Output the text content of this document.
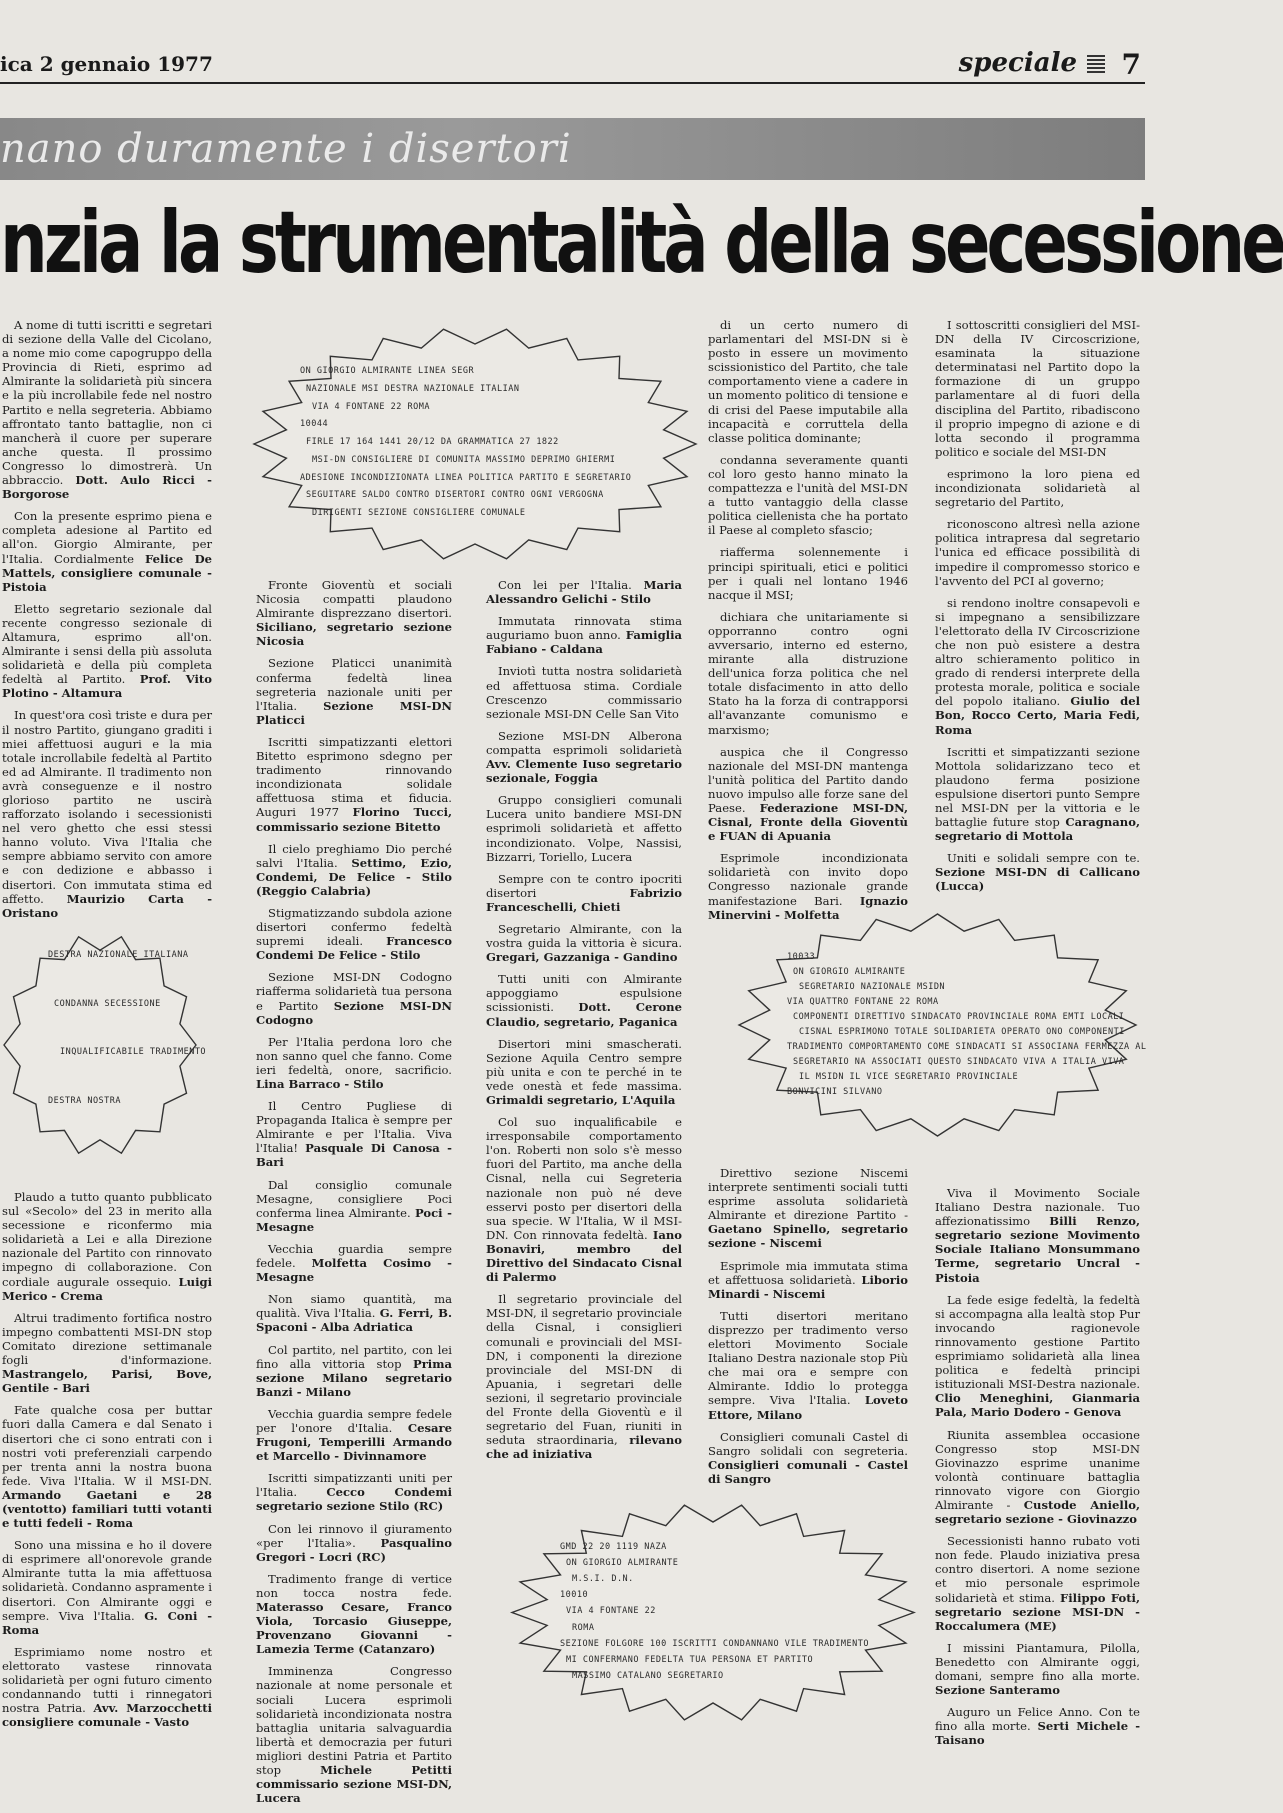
ica 2 gennaio 1977	speciale 7
nano duramente i disertori
nzia la strumentalità della secessione
ON GIORGIO ALMIRANTE LINEA SEGR
NAZIONALE MSI DESTRA NAZIONALE ITALIAN
VIA 4 FONTANE 22 ROMA
10044
FIRLE 17 164 1441 20/12 DA GRAMMATICA 27 1822
MSI-DN CONSIGLIERE DI COMUNITA MASSIMO DEPRIMO GHIERMI
ADESIONE INCONDIZIONATA LINEA POLITICA PARTITO E SEGRETARIO
SEGUITARE SALDO CONTRO DISERTORI CONTRO OGNI VERGOGNA
DIRIGENTI SEZIONE CONSIGLIERE COMUNALE
DESTRA NAZIONALE ITALIANA
CONDANNA SECESSIONE
INQUALIFICABILE TRADIMENTO
DESTRA NOSTRA
10033
ON GIORGIO ALMIRANTE
SEGRETARIO NAZIONALE MSIDN
VIA QUATTRO FONTANE 22 ROMA
COMPONENTI DIRETTIVO SINDACATO PROVINCIALE ROMA EMTI LOCALI
CISNAL ESPRIMONO TOTALE SOLIDARIETA OPERATO ONO COMPONENTI
TRADIMENTO COMPORTAMENTO COME SINDACATI SI ASSOCIANA FERMEZZA AL
SEGRETARIO NA ASSOCIATI QUESTO SINDACATO VIVA A ITALIA VIVA
IL MSIDN IL VICE SEGRETARIO PROVINCIALE
BONVICINI SILVANO
GMD 22 20 1119 NAZA
ON GIORGIO ALMIRANTE
M.S.I. D.N.
10010
VIA 4 FONTANE 22
ROMA
SEZIONE FOLGORE 100 ISCRITTI CONDANNANO VILE TRADIMENTO
MI CONFERMANO FEDELTA TUA PERSONA ET PARTITO
MASSIMO CATALANO SEGRETARIO

A nome di tutti iscritti e segretari di sezione della Valle del Cicolano, a nome mio come capogruppo della Provincia di Rieti, esprimo ad Almirante la solidarietà più sincera e la più incrollabile fede nel nostro Partito e nella segreteria. Abbiamo affrontato tanto battaglie, non ci mancherà il cuore per superare anche questa. Il prossimo Congresso lo dimostrerà. Un abbraccio. Dott. Aulo Ricci - Borgorose

Con la presente esprimo piena e completa adesione al Partito ed all'on. Giorgio Almirante, per l'Italia. Cordialmente Felice De Mattels, consigliere comunale - Pistoia

Eletto segretario sezionale dal recente congresso sezionale di Altamura, esprimo all'on. Almirante i sensi della più assoluta solidarietà e della più completa fedeltà al Partito. Prof. Vito Plotino - Altamura

In quest'ora così triste e dura per il nostro Partito, giungano graditi i miei affettuosi auguri e la mia totale incrollabile fedeltà al Partito ed ad Almirante. Il tradimento non avrà conseguenze e il nostro glorioso partito ne uscirà rafforzato isolando i secessionisti nel vero ghetto che essi stessi hanno voluto. Viva l'Italia che sempre abbiamo servito con amore e con dedizione e abbasso i disertori. Con immutata stima ed affetto. Maurizio Carta - Oristano

Plaudo a tutto quanto pubblicato sul «Secolo» del 23 in merito alla secessione e riconfermo mia solidarietà a Lei e alla Direzione nazionale del Partito con rinnovato impegno di collaborazione. Con cordiale augurale ossequio. Luigi Merico - Crema

Altrui tradimento fortifica nostro impegno combattenti MSI-DN stop Comitato direzione settimanale fogli d'informazione. Mastrangelo, Parisi, Bove, Gentile - Bari

Fate qualche cosa per buttar fuori dalla Camera e dal Senato i disertori che ci sono entrati con i nostri voti preferenziali carpendo per trenta anni la nostra buona fede. Viva l'Italia. W il MSI-DN. Armando Gaetani e 28 (ventotto) familiari tutti votanti e tutti fedeli - Roma

Sono una missina e ho il dovere di esprimere all'onorevole grande Almirante tutta la mia affettuosa solidarietà. Condanno aspramente i disertori. Con Almirante oggi e sempre. Viva l'Italia. G. Coni - Roma

Esprimiamo nome nostro et elettorato vastese rinnovata solidarietà per ogni futuro cimento condannando tutti i rinnegatori nostra Patria. Avv. Marzocchetti consigliere comunale - Vasto

Fronte Gioventù et sociali Nicosia compatti plaudono Almirante disprezzano disertori. Siciliano, segretario sezione Nicosia

Sezione Platicci unanimità conferma fedeltà linea segreteria nazionale uniti per l'Italia. Sezione MSI-DN Platicci

Iscritti simpatizzanti elettori Bitetto esprimono sdegno per tradimento rinnovando incondizionata solidale affettuosa stima et fiducia. Auguri 1977 Florino Tucci, commissario sezione Bitetto

Il cielo preghiamo Dio perché salvi l'Italia. Settimo, Ezio, Condemi, De Felice - Stilo (Reggio Calabria)

Stigmatizzando subdola azione disertori confermo fedeltà supremi ideali. Francesco Condemi De Felice - Stilo

Sezione MSI-DN Codogno riafferma solidarietà tua persona e Partito Sezione MSI-DN Codogno

Per l'Italia perdona loro che non sanno quel che fanno. Come ieri fedeltà, onore, sacrificio. Lina Barraco - Stilo

Il Centro Pugliese di Propaganda Italica è sempre per Almirante e per l'Italia. Viva l'Italia! Pasquale Di Canosa - Bari

Dal consiglio comunale Mesagne, consigliere Poci conferma linea Almirante. Poci - Mesagne

Vecchia guardia sempre fedele. Molfetta Cosimo - Mesagne

Non siamo quantità, ma qualità. Viva l'Italia. G. Ferri, B. Spaconi - Alba Adriatica

Col partito, nel partito, con lei fino alla vittoria stop Prima sezione Milano segretario Banzi - Milano

Vecchia guardia sempre fedele per l'onore d'Italia. Cesare Frugoni, Temperilli Armando et Marcello - Divinnamore

Iscritti simpatizzanti uniti per l'Italia.	Cecco Condemi segretario sezione Stilo (RC)

Con lei rinnovo il giuramento «per l'Italia». Pasqualino Gregori - Locri (RC)

Tradimento frange di vertice non tocca nostra fede. Materasso Cesare, Franco Viola, Torcasio Giuseppe, Provenzano Giovanni - Lamezia Terme (Catanzaro)

Imminenza Congresso nazionale at nome personale et sociali Lucera esprimoli solidarietà incondizionata nostra battaglia unitaria salvaguardia libertà et democrazia per futuri migliori destini Patria et Partito stop	Michele Petitti commissario sezione MSI-DN, Lucera

Con lei per l'Italia. Maria Alessandro Gelichi - Stilo

Immutata rinnovata stima auguriamo buon anno. Famiglia Fabiano - Caldana

Inviotì tutta nostra solidarietà ed affettuosa stima. Cordiale Crescenzo commissario sezionale MSI-DN Celle San Vito

Sezione MSI-DN Alberona compatta esprimoli solidarietà Avv. Clemente Iuso segretario sezionale, Foggia

Gruppo consiglieri comunali Lucera unito bandiere MSI-DN esprimoli solidarietà et affetto incondizionato. Volpe, Nassisi, Bizzarri, Toriello, Lucera

Sempre con te contro ipocriti disertori	Fabrizio Franceschelli, Chieti

Segretario Almirante, con la vostra guida la vittoria è sicura. Gregari, Gazzaniga - Gandino

Tutti uniti con Almirante appoggiamo espulsione scissionisti. Dott. Cerone Claudio, segretario, Paganica

Disertori mini smascherati. Sezione Aquila Centro sempre più unita e con te perché in te vede onestà et fede massima. Grimaldi segretario, L'Aquila

Col suo inqualificabile e irresponsabile comportamento l'on. Roberti non solo s'è messo fuori del Partito, ma anche della Cisnal, nella cui Segreteria nazionale non può né deve esservi posto per disertori della sua specie. W l'Italia, W il MSI-DN. Con rinnovata fedeltà. Iano Bonaviri, membro del Direttivo del Sindacato Cisnal di Palermo

Il segretario provinciale del MSI-DN, il segretario provinciale della Cisnal, i consiglieri comunali e provinciali del MSI-DN, i componenti la direzione provinciale del MSI-DN di Apuania, i segretari delle sezioni, il segretario provinciale del Fronte della Gioventù e il segretario del Fuan, riuniti in seduta straordinaria, rilevano che ad iniziativa

di un certo numero di parlamentari del MSI-DN si è posto in essere un movimento scissionistico del Partito, che tale comportamento viene a cadere in un momento politico di tensione e di crisi del Paese imputabile alla incapacità e corruttela della classe politica dominante;

condanna severamente quanti col loro gesto hanno minato la compattezza e l'unità del MSI-DN a tutto vantaggio della classe politica ciellenista che ha portato il Paese al completo sfascio;

riafferma solennemente i principi spirituali, etici e politici per i quali nel lontano 1946 nacque il MSI;

dichiara che unitariamente si opporranno contro ogni avversario, interno ed esterno, mirante alla distruzione dell'unica forza politica che nel totale disfacimento in atto dello Stato ha la forza di contrapporsi all'avanzante comunismo e marxismo;

auspica che il Congresso nazionale del MSI-DN mantenga l'unità politica del Partito dando nuovo impulso alle forze sane del Paese. Federazione MSI-DN, Cisnal, Fronte della Gioventù e FUAN di Apuania

Esprimole incondizionata solidarietà con invito dopo Congresso nazionale grande manifestazione Bari. Ignazio Minervini - Molfetta

Direttivo sezione Niscemi interprete sentimenti sociali tutti esprime assoluta solidarietà Almirante et direzione Partito - Gaetano Spinello, segretario sezione - Niscemi

Esprimole mia immutata stima et affettuosa solidarietà. Liborio Minardi - Niscemi

Tutti disertori meritano disprezzo per tradimento verso elettori Movimento Sociale Italiano Destra nazionale stop Più che mai ora e sempre con Almirante. Iddio lo protegga sempre. Viva l'Italia. Loveto Ettore, Milano

Consiglieri comunali Castel di Sangro solidali con segreteria. Consiglieri comunali - Castel di Sangro

I sottoscritti consiglieri del MSI-DN della IV Circoscrizione, esaminata la situazione determinatasi nel Partito dopo la formazione di un gruppo parlamentare al di fuori della disciplina del Partito, ribadiscono il proprio impegno di azione e di lotta secondo il programma politico e sociale del MSI-DN

esprimono la loro piena ed incondizionata solidarietà al segretario del Partito,

riconoscono altresì nella azione politica intrapresa dal segretario l'unica ed efficace possibilità di impedire il compromesso storico e l'avvento del PCI al governo;

si rendono inoltre consapevoli e si impegnano a sensibilizzare l'elettorato della IV Circoscrizione che non può esistere a destra altro schieramento politico in grado di rendersi interprete della protesta morale, politica e sociale del popolo italiano. Giulio del Bon, Rocco Certo, Maria Fedi, Roma

Iscritti et simpatizzanti sezione Mottola solidarizzano teco et plaudono ferma posizione espulsione disertori punto Sempre nel MSI-DN per la vittoria e le battaglie future stop Caragnano, segretario di Mottola

Uniti e solidali sempre con te. Sezione MSI-DN di Callicano (Lucca)

Viva il Movimento Sociale Italiano Destra nazionale. Tuo affezionatissimo Billi Renzo, segretario sezione Movimento Sociale Italiano Monsummano Terme, segretario Uncral - Pistoia

La fede esige fedeltà, la fedeltà si accompagna alla lealtà stop Pur invocando ragionevole rinnovamento gestione Partito esprimiamo solidarietà alla linea politica e fedeltà principi istituzionali MSI-Destra nazionale. Clio Meneghini, Gianmaria Pala, Mario Dodero - Genova

Riunita assemblea occasione Congresso stop MSI-DN Giovinazzo esprime unanime volontà continuare battaglia rinnovato vigore con Giorgio Almirante - Custode Aniello, segretario sezione - Giovinazzo

Secessionisti hanno rubato voti non fede. Plaudo iniziativa presa contro disertori. A nome sezione et mio personale esprimole solidarietà et stima. Filippo Foti, segretario sezione MSI-DN - Roccalumera (ME)

I missini Piantamura, Pilolla, Benedetto con Almirante oggi, domani, sempre fino alla morte. Sezione Santeramo

Auguro un Felice Anno. Con te fino alla morte. Serti Michele - Taisano
